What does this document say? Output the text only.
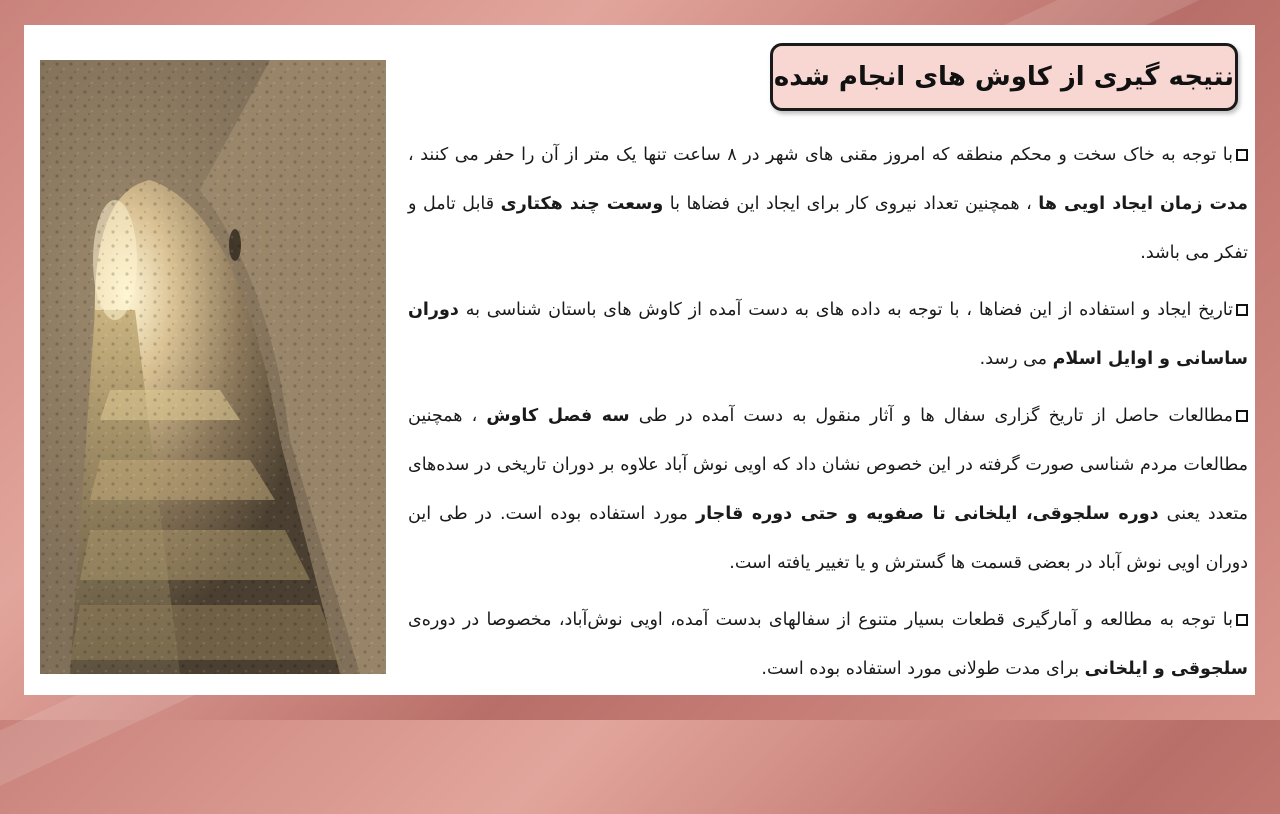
نتیجه گیری از کاوش های انجام شده

با توجه به خاک سخت و محکم منطقه که امروز مقنی های شهر در ۸ ساعت تنها یک متر از آن را حفر می کنند ، مدت زمان ایجاد اویی ها ، همچنین تعداد نیروی کار برای ایجاد این فضاها با وسعت چند هکتاری قابل تامل و تفکر می باشد.

تاریخ ایجاد و استفاده از این فضاها ، با توجه به داده های به دست آمده از کاوش های باستان شناسی به دوران ساسانی و اوایل اسلام می رسد.

مطالعات حاصل از تاریخ گزاری سفال ها و آثار منقول به دست آمده در طی سه فصل کاوش ، همچنین مطالعات مردم شناسی صورت گرفته در این خصوص نشان داد که اویی نوش آباد علاوه بر دوران تاریخی در سده‌های متعدد یعنی دوره سلجوقی، ایلخانی تا صفویه و حتی دوره قاجار مورد استفاده بوده است. در طی این دوران اویی نوش آباد در بعضی قسمت ها گسترش و یا تغییر یافته است.

با توجه به مطالعه و آمارگیری قطعات بسیار متنوع از سفالهای بدست آمده، اویی نوش‌آباد، مخصوصا در دوره‌ی سلجوقی و ایلخانی برای مدت طولانی مورد استفاده بوده است.
